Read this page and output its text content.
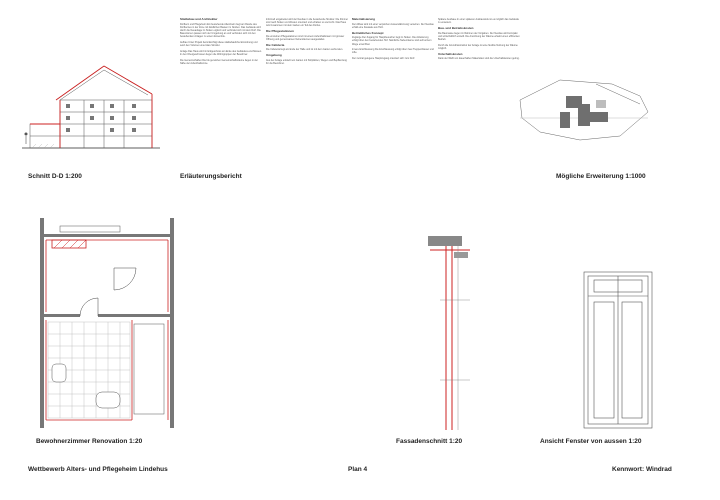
Schnitt D-D 1:200	Erläuterungsbericht	Mögliche Erweiterung 1:1000
Städtebau und Architektur

Dorfkern und Pflegeheim Ein bestehende Altersheim liegt am Rande des Dorfkernes in der Zone mit ländlichen Bauten im Norden. Das Gebäude wird durch die Neuanlage im Süden ergänzt und verbindet sich mit dem Dorf. Die Bauvolumen passen sich der Umgebung an und verbinden sich mit den bestehenden Anlagen zu einem Ensemble.

Aufbau Unter Projekt berücksichtigt diese städtebauliche Einordnung und setzt den Volumen eine klare Struktur.

Anlage Das Haus wird im Erdgeschoss am Ende des Gebäudes erschlossen. In den Obergeschossen liegen die Wohngruppen der Bewohner.

Die Gemeinschaften Die bis genutzten Gemeinschaftsräume liegen in der Nähe der Aufenthaltszone.

Informell eingebettet wird der Neubau in die bestehende Struktur. Die Zimmer sind nach Süden und Westen orientiert und erhalten so viel Licht. Das Haus wird zusammen mit dem Garten ein Teil des Dorfes.

Die Pflegestationen

Die einzelnen Pflegestationen sind mit einem Aufenthaltsraum mit grosser Öffnung und gemeinsamen Nebenräumen ausgestattet.

Die Cafeteria

Die Cafeteria liegt am Ende der Halle und ist mit dem Garten verbunden.

Umgebung

Aus der Anlage entsteht ein Garten mit Sitzplätzen, Wegen und Bepflanzung für die Bewohner.

Materialisierung

Der Altbau wird mit einer verputzten Aussendämmung versehen. Der Neubau erhält eine Fassade aus Holz.

Betriebliches Konzept

Zugänge Der Zugang für Hauptbesucher liegt im Süden. Die Anlieferung erfolgt über den bestehenden Hof. Sämtliche Nebenräume sind auf kurzem Wege erreichbar.

Innere Erschliessung Die Erschliessung erfolgt über zwei Treppenhäuser und Lifte.

Der zentral gelegene Hauptzugang orientiert sich zum Dorf.

Spätere Ausbaue In einer späteren Ausbaustufe ist es möglich das Gebäude zu erweitern.

Bau- und Betriebskosten

Die Baumasse liegen im Rahmen der Vorgaben. Der Neubau wird kompakt und wirtschaftlich erstellt. Die Anordnung der Räume erlaubt einen effizienten Betrieb.

Durch die Grundrissstruktur der Anlage ist eine flexible Nutzung der Räume möglich.

Unterhaltskosten

Dank der Wahl von dauerhaften Materialien sind die Unterhaltskosten gering.

Bewohnerzimmer Renovation 1:20	Fassadenschnitt 1:20	Ansicht Fenster von aussen 1:20
Wettbewerb Alters- und Pflegeheim Lindehus	Plan 4	Kennwort: Windrad
